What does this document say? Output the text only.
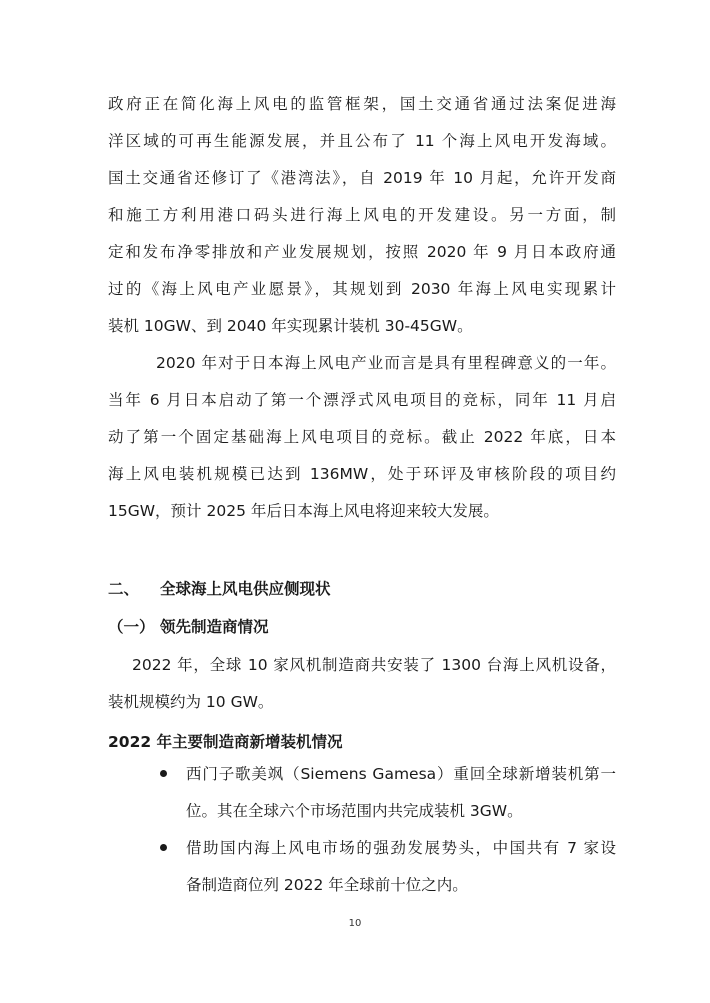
政府正在简化海上风电的监管框架，国土交通省通过法案促进海
洋区域的可再生能源发展，并且公布了 11 个海上风电开发海域。
国土交通省还修订了《港湾法》，自 2019 年 10 月起，允许开发商
和施工方利用港口码头进行海上风电的开发建设。另一方面，制
定和发布净零排放和产业发展规划，按照 2020 年 9 月日本政府通
过的《海上风电产业愿景》，其规划到 2030 年海上风电实现累计
装机 10GW、到 2040 年实现累计装机 30-45GW。
2020 年对于日本海上风电产业而言是具有里程碑意义的一年。
当年 6 月日本启动了第一个漂浮式风电项目的竞标，同年 11 月启
动了第一个固定基础海上风电项目的竞标。截止 2022 年底，日本
海上风电装机规模已达到 136MW，处于环评及审核阶段的项目约
15GW，预计 2025 年后日本海上风电将迎来较大发展。
二、 全球海上风电供应侧现状
（一） 领先制造商情况
2022 年，全球 10 家风机制造商共安装了 1300 台海上风机设备，
装机规模约为 10 GW。
2022 年主要制造商新增装机情况
西门子歌美飒（Siemens Gamesa）重回全球新增装机第一
位。其在全球六个市场范围内共完成装机 3GW。
借助国内海上风电市场的强劲发展势头，中国共有 7 家设
备制造商位列 2022 年全球前十位之内。
10
